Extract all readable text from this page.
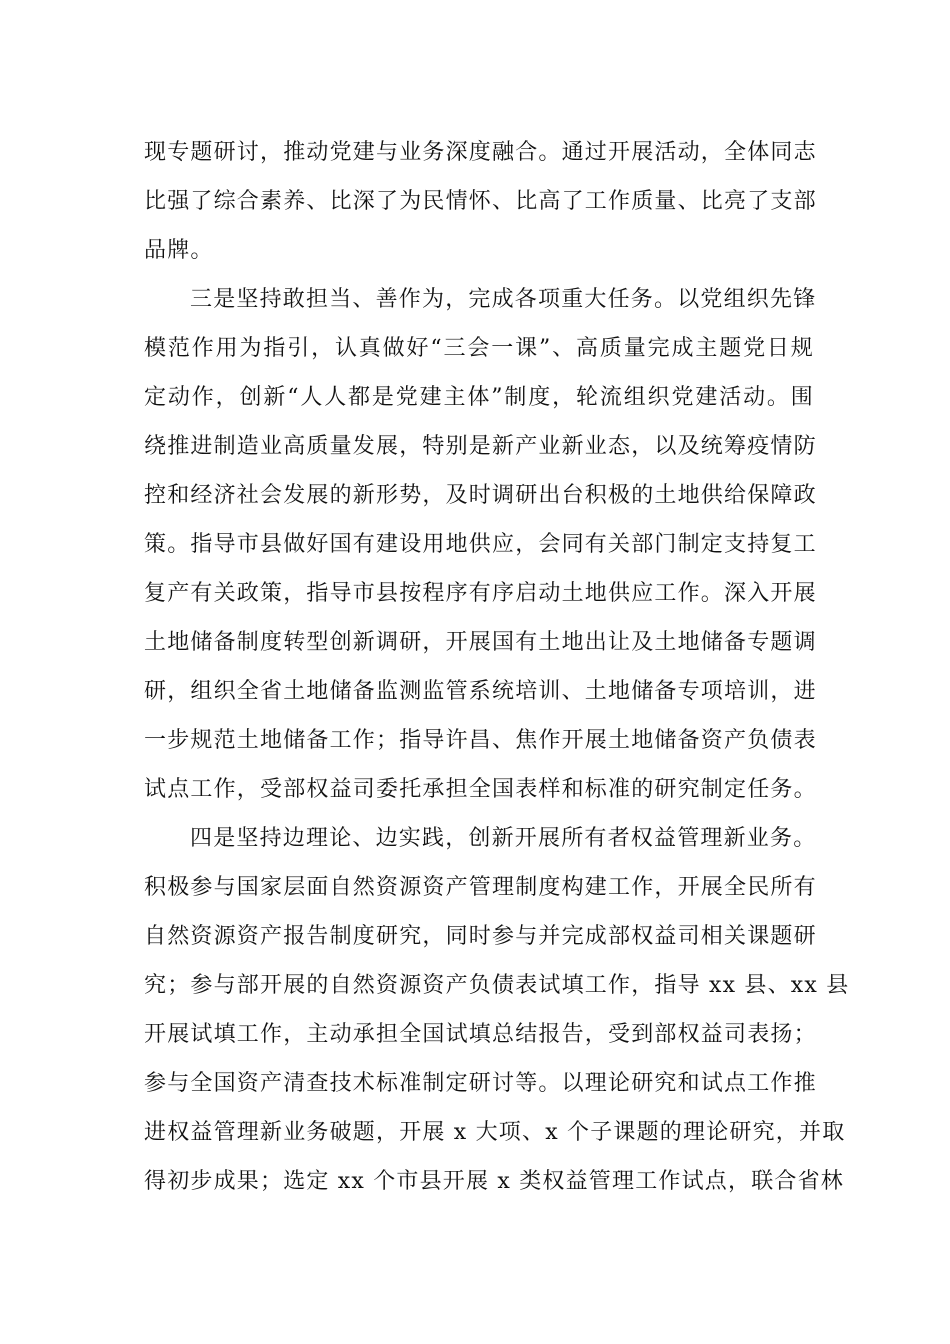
现专题研讨，推动党建与业务深度融合。通过开展活动，全体同志
比强了综合素养、比深了为民情怀、比高了工作质量、比亮了支部
品牌。
三是坚持敢担当、善作为，完成各项重大任务。以党组织先锋
模范作用为指引，认真做好“三会一课”、高质量完成主题党日规
定动作，创新“人人都是党建主体”制度，轮流组织党建活动。围
绕推进制造业高质量发展，特别是新产业新业态，以及统筹疫情防
控和经济社会发展的新形势，及时调研出台积极的土地供给保障政
策。指导市县做好国有建设用地供应，会同有关部门制定支持复工
复产有关政策，指导市县按程序有序启动土地供应工作。深入开展
土地储备制度转型创新调研，开展国有土地出让及土地储备专题调
研，组织全省土地储备监测监管系统培训、土地储备专项培训，进
一步规范土地储备工作；指导许昌、焦作开展土地储备资产负债表
试点工作，受部权益司委托承担全国表样和标准的研究制定任务。
四是坚持边理论、边实践，创新开展所有者权益管理新业务。
积极参与国家层面自然资源资产管理制度构建工作，开展全民所有
自然资源资产报告制度研究，同时参与并完成部权益司相关课题研
究；参与部开展的自然资源资产负债表试填工作，指导 xx 县、xx 县
开展试填工作，主动承担全国试填总结报告，受到部权益司表扬；
参与全国资产清查技术标准制定研讨等。以理论研究和试点工作推
进权益管理新业务破题，开展 x 大项、x 个子课题的理论研究，并取
得初步成果；选定 xx 个市县开展 x 类权益管理工作试点，联合省林
